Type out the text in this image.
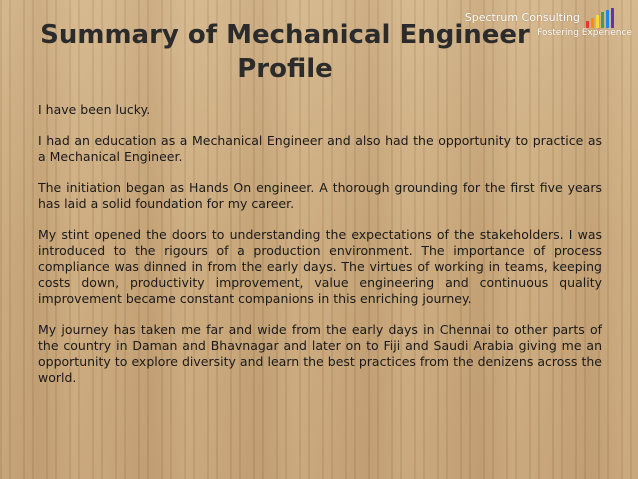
Spectrum Consulting
Fostering Experience
Summary of Mechanical Engineer Profile

I have been lucky.

I had an education as a Mechanical Engineer and also had the opportunity to practice as a Mechanical Engineer.

The initiation began as Hands On engineer. A thorough grounding for the first five years has laid a solid foundation for my career.

My stint opened the doors to understanding the expectations of the stakeholders. I was introduced to the rigours of a production environment. The importance of process compliance was dinned in from the early days. The virtues of working in teams, keeping costs down, productivity improvement, value engineering and continuous quality improvement became constant companions in this enriching journey.

My journey has taken me far and wide from the early days in Chennai to other parts of the country in Daman and Bhavnagar and later on to Fiji and Saudi Arabia giving me an opportunity to explore diversity and learn the best practices from the denizens across the world.
